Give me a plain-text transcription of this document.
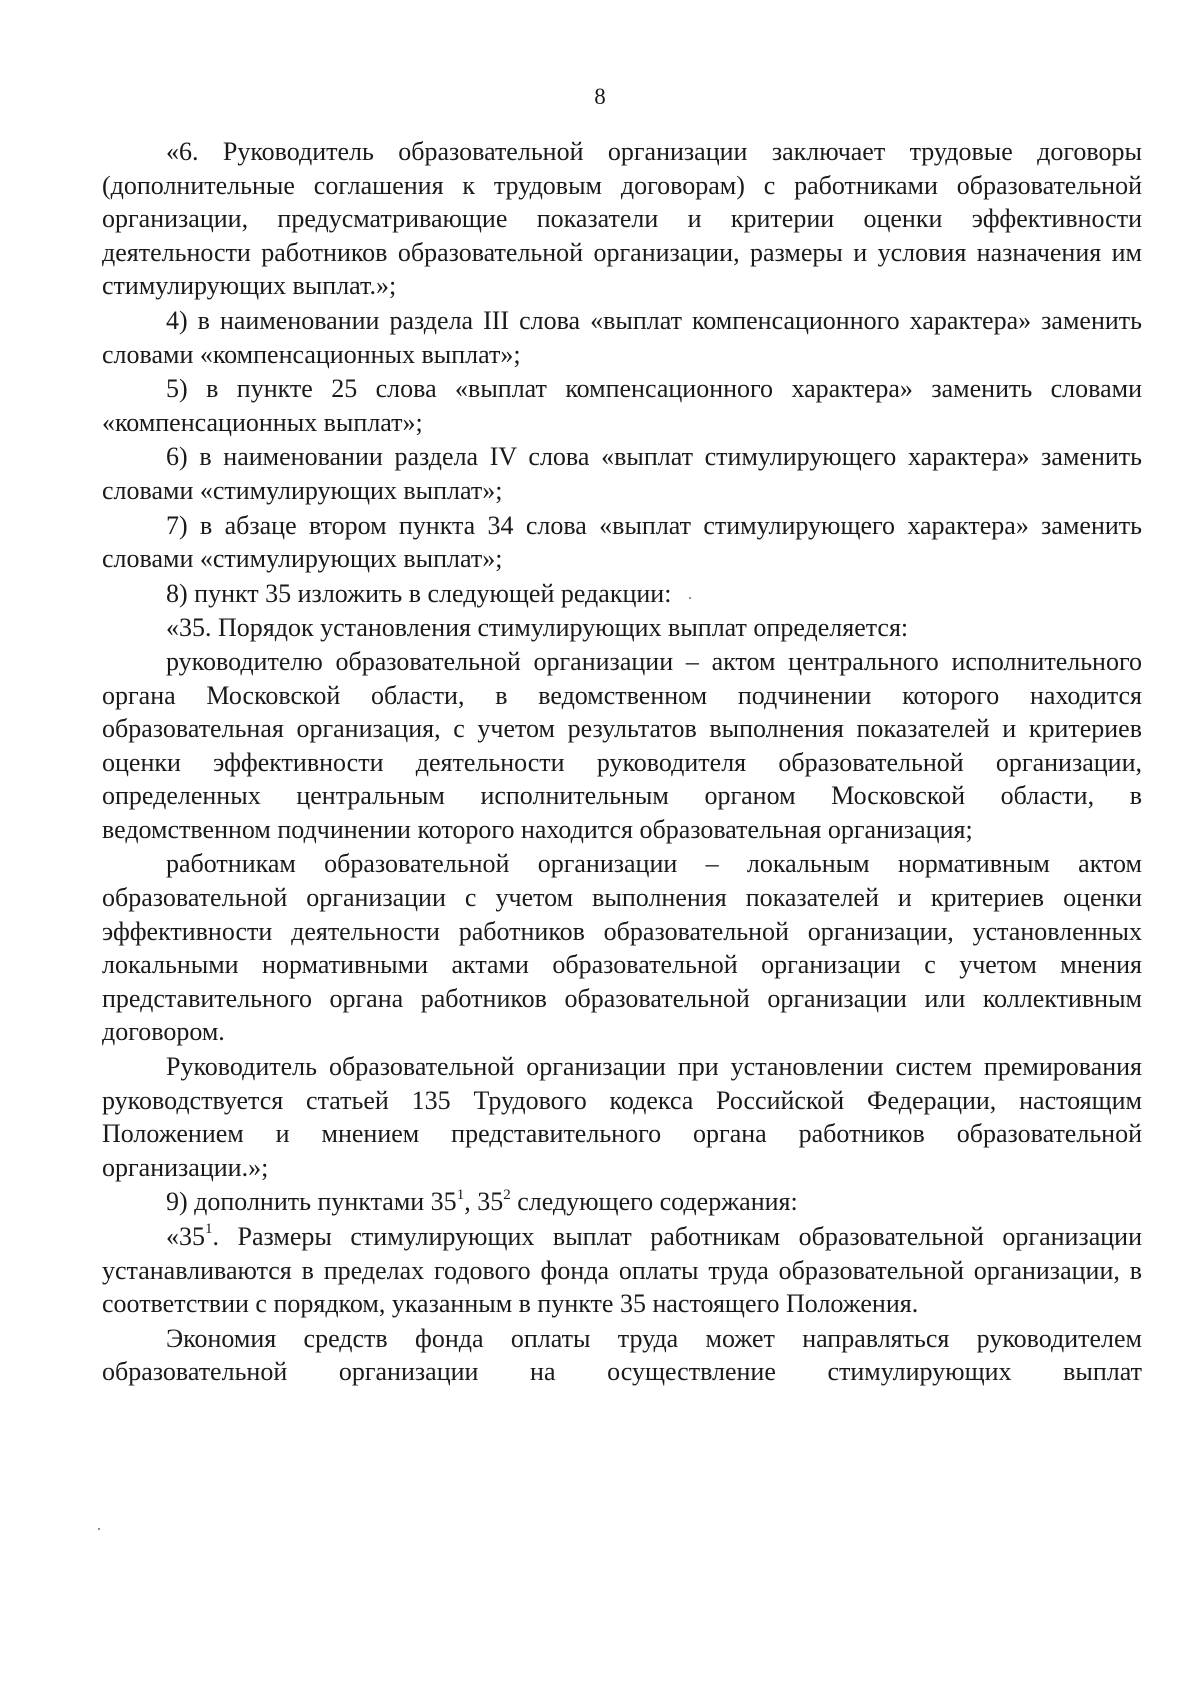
8

«6. Руководитель образовательной организации заключает трудовые договоры (дополнительные соглашения к трудовым договорам) с работниками образовательной организации, предусматривающие показатели и критерии оценки эффективности деятельности работников образовательной организации, размеры и условия назначения им стимулирующих выплат.»;

4) в наименовании раздела III слова «выплат компенсационного характера» заменить словами «компенсационных выплат»;

5) в пункте 25 слова «выплат компенсационного характера» заменить словами «компенсационных выплат»;

6) в наименовании раздела IV слова «выплат стимулирующего характера» заменить словами «стимулирующих выплат»;

7) в абзаце втором пункта 34 слова «выплат стимулирующего характера» заменить словами «стимулирующих выплат»;

8) пункт 35 изложить в следующей редакции:

«35. Порядок установления стимулирующих выплат определяется:

руководителю образовательной организации – актом центрального исполнительного органа Московской области, в ведомственном подчинении которого находится образовательная организация, с учетом результатов выполнения показателей и критериев оценки эффективности деятельности руководителя образовательной организации, определенных центральным исполнительным органом Московской области, в ведомственном подчинении которого находится образовательная организация;

работникам образовательной организации – локальным нормативным актом образовательной организации с учетом выполнения показателей и критериев оценки эффективности деятельности работников образовательной организации, установленных локальными нормативными актами образовательной организации с учетом мнения представительного органа работников образовательной организации или коллективным договором.

Руководитель образовательной организации при установлении систем премирования руководствуется статьей 135 Трудового кодекса Российской Федерации, настоящим Положением и мнением представительного органа работников образовательной организации.»;

9) дополнить пунктами $35^1$, $35^2$ следующего содержания:

«$35^1$. Размеры стимулирующих выплат работникам образовательной организации устанавливаются в пределах годового фонда оплаты труда образовательной организации, в соответствии с порядком, указанным в пункте 35 настоящего Положения.

Экономия средств фонда оплаты труда может направляться руководителем образовательной организации на осуществление стимулирующих выплат
